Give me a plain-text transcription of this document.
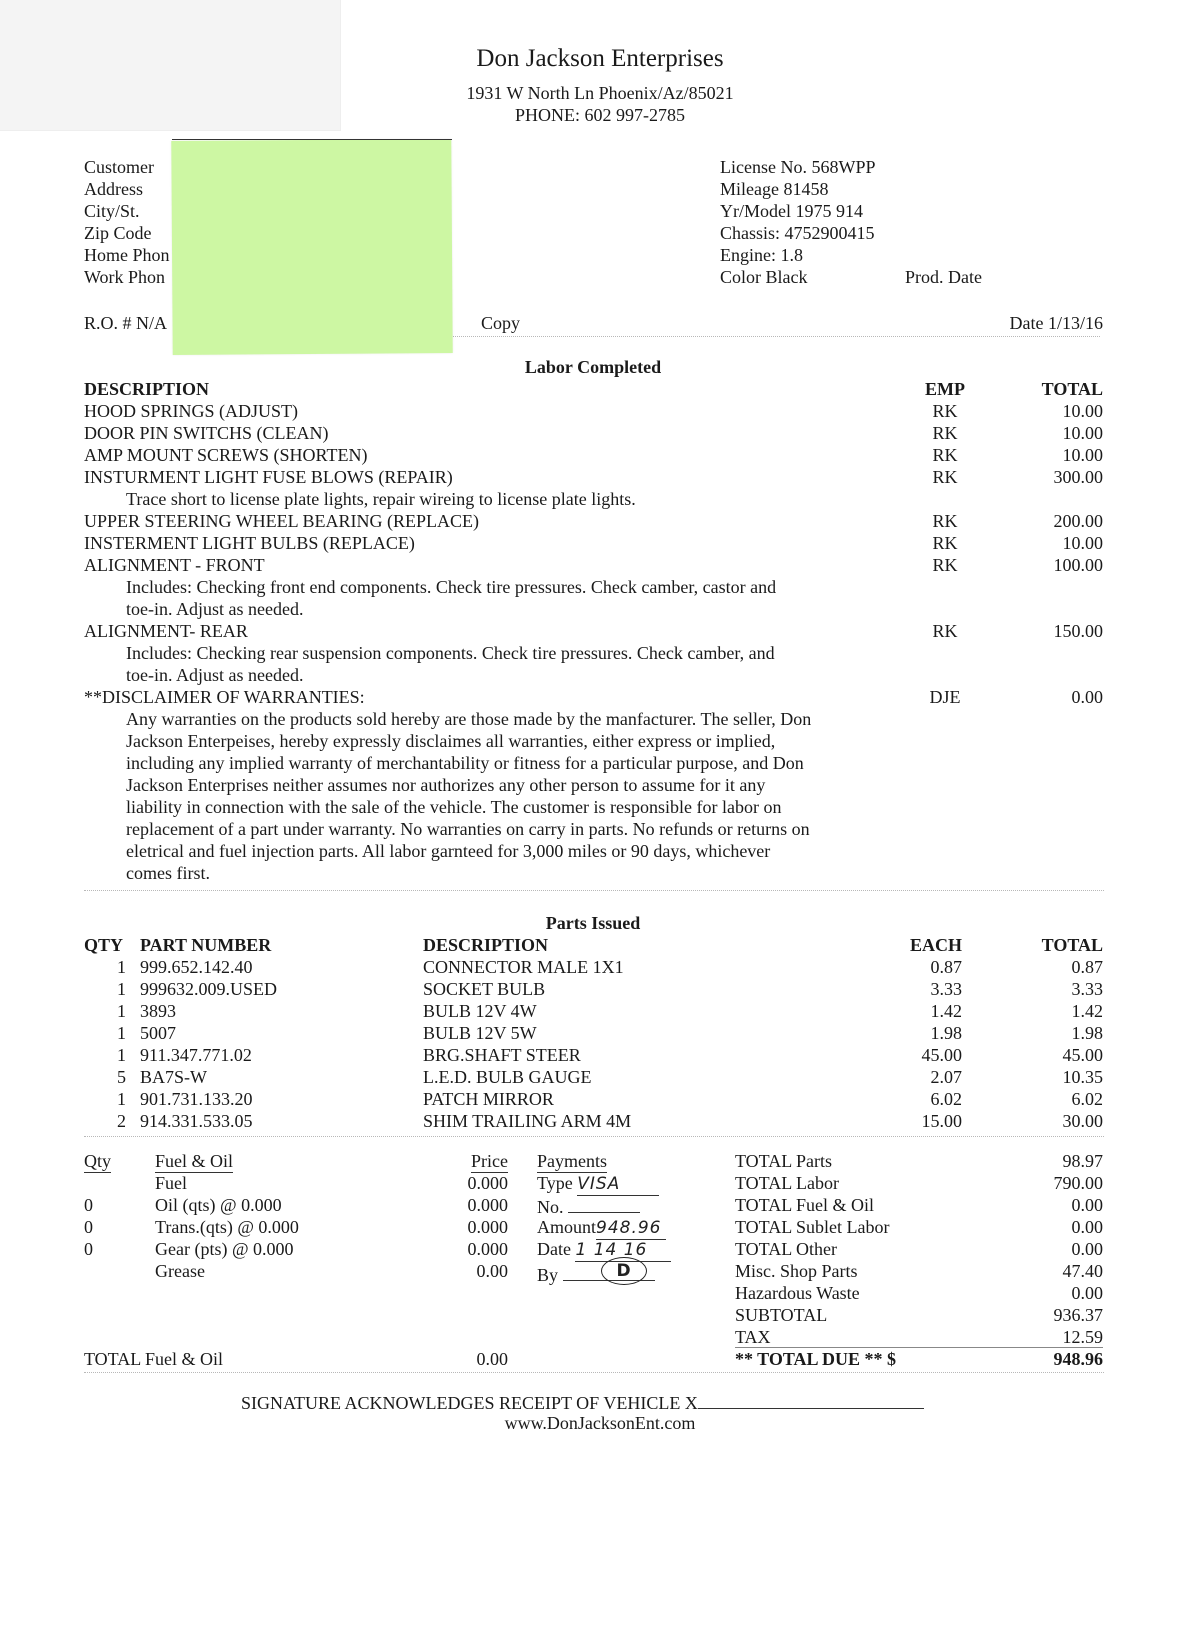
Don Jackson Enterprises
1931 W North Ln Phoenix/Az/85021
PHONE: 602 997-2785
Customer
Address
City/St.
Zip Code
Home Phon
Work Phon
License No. 568WPP
Mileage 81458
Yr/Model 1975 914
Chassis: 4752900415
Engine: 1.8
Color Black	Prod. Date
R.O. # N/A	Copy	Date 1/13/16
Labor Completed
DESCRIPTION	EMP	TOTAL
HOOD SPRINGS (ADJUST)	RK	10.00
DOOR PIN SWITCHS (CLEAN)	RK	10.00
AMP MOUNT SCREWS (SHORTEN)	RK	10.00
INSTURMENT LIGHT FUSE BLOWS (REPAIR)	RK	300.00
Trace short to license plate lights, repair wireing to license plate lights.
UPPER STEERING WHEEL BEARING (REPLACE)	RK	200.00
INSTERMENT LIGHT BULBS (REPLACE)	RK	10.00
ALIGNMENT - FRONT	RK	100.00
Includes: Checking front end components. Check tire pressures. Check camber, castor and
toe-in. Adjust as needed.
ALIGNMENT- REAR	RK	150.00
Includes: Checking rear suspension components. Check tire pressures. Check camber, and
toe-in. Adjust as needed.
**DISCLAIMER OF WARRANTIES:	DJE	0.00
Any warranties on the products sold hereby are those made by the manfacturer. The seller, Don
Jackson Enterpeises, hereby expressly disclaimes all warranties, either express or implied,
including any implied warranty of merchantability or fitness for a particular purpose, and Don
Jackson Enterprises neither assumes nor authorizes any other person to assume for it any
liability in connection with the sale of the vehicle. The customer is responsible for labor on
replacement of a part under warranty. No warranties on carry in parts. No refunds or returns on
eletrical and fuel injection parts. All labor garnteed for 3,000 miles or 90 days, whichever
comes first.
Parts Issued
QTY PART NUMBER	DESCRIPTION	EACH	TOTAL
1 999.652.142.40	CONNECTOR MALE 1X1	0.87	0.87
1 999632.009.USED	SOCKET BULB	3.33	3.33
1 3893	BULB 12V 4W	1.42	1.42
1 5007	BULB 12V 5W	1.98	1.98
1 911.347.771.02	BRG.SHAFT STEER	45.00	45.00
5 BA7S-W	L.E.D. BULB GAUGE	2.07	10.35
1 901.731.133.20	PATCH MIRROR	6.02	6.02
2 914.331.533.05	SHIM TRAILING ARM 4M	15.00	30.00
Qty Fuel & Oil	Price
Fuel	0.000
0	Oil (qts) @ 0.000	0.000
0	Trans.(qts) @ 0.000	0.000
0	Gear (pts) @ 0.000	0.000
Grease	0.00
TOTAL Fuel & Oil	0.00
Payments
Type VISA
No.
Amount948.96
Date 1 14 16
By	D
TOTAL Parts	98.97
TOTAL Labor	790.00
TOTAL Fuel & Oil	0.00
TOTAL Sublet Labor	0.00
TOTAL Other	0.00
Misc. Shop Parts	47.40
Hazardous Waste	0.00
SUBTOTAL	936.37
TAX	12.59
** TOTAL DUE ** $	948.96
SIGNATURE ACKNOWLEDGES RECEIPT OF VEHICLE X
www.DonJacksonEnt.com
